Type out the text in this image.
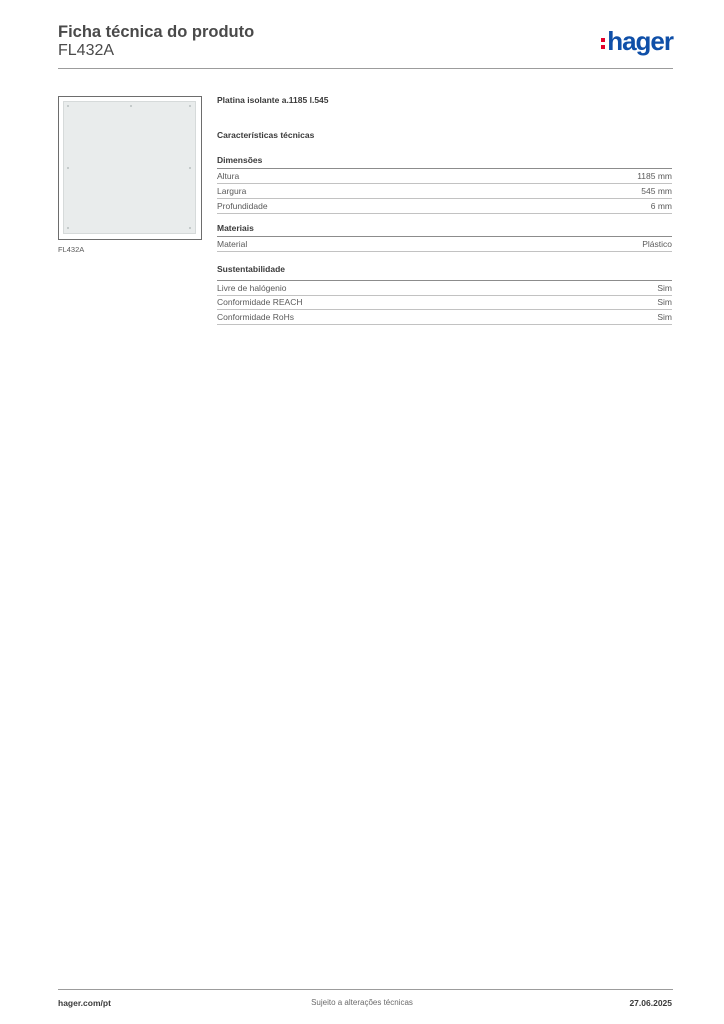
Ficha técnica do produto
FL432A	hager
FL432A
Platina isolante a.1185 l.545
Características técnicas
Dimensões
Altura	1185 mm
Largura	545 mm
Profundidade	6 mm
Materiais
Material	Plástico
Sustentabilidade
Livre de halógenio	Sim
Conformidade REACH	Sim
Conformidade RoHs	Sim
hager.com/pt	Sujeito a alterações técnicas	27.06.2025
